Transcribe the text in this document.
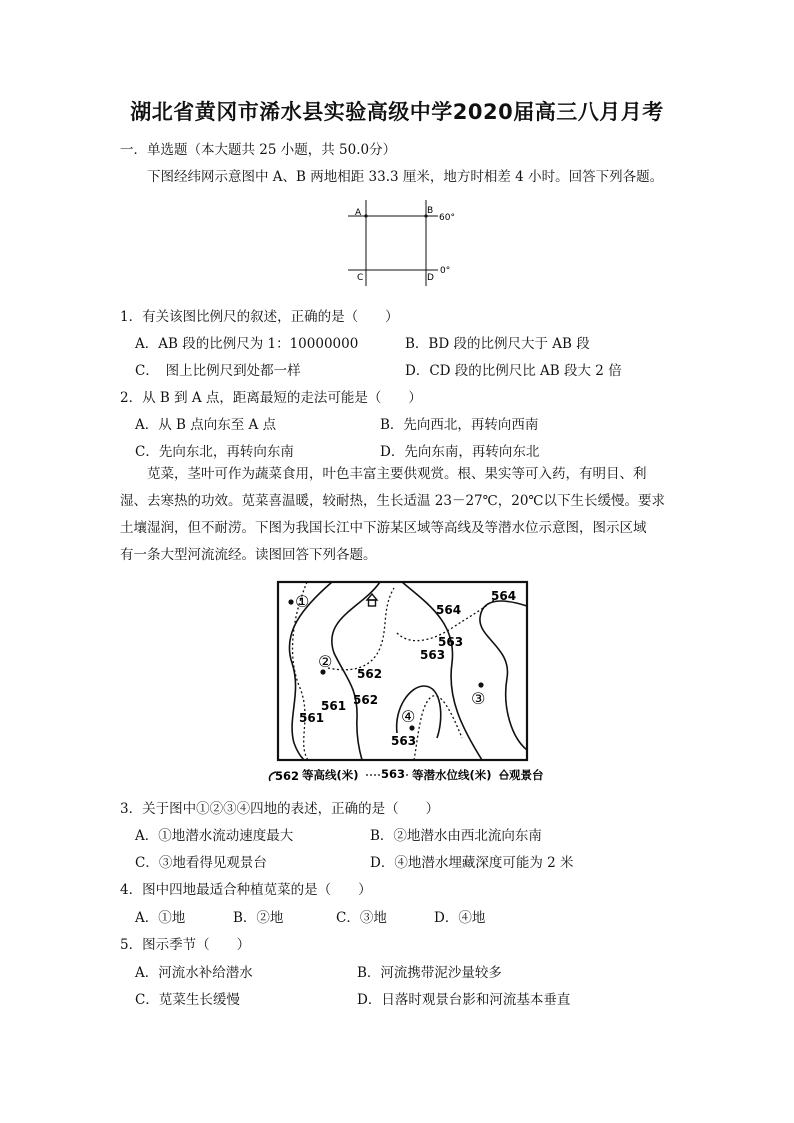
湖北省黄冈市浠水县实验高级中学2020届高三八月月考
一．单选题（本大题共 25 小题，共 50.0分）
下图经纬网示意图中 A、B 两地相距 33.3 厘米，地方时相差 4 小时。回答下列各题。
A	B
C	D
60°
0°
1．有关该图比例尺的叙述，正确的是（　　）
A．AB 段的比例尺为 1：10000000	B．BD 段的比例尺大于 AB 段
C．　图上比例尺到处都一样	D．CD 段的比例尺比 AB 段大 2 倍
2．从 B 到 A 点，距离最短的走法可能是（　　）
A．从 B 点向东至 A 点	B．先向西北，再转向西南
C．先向东北，再转向东南	D．先向东南，再转向东北
苋菜，茎叶可作为蔬菜食用，叶色丰富主要供观赏。根、果实等可入药，有明目、利
湿、去寒热的功效。苋菜喜温暖，较耐热，生长适温 23－27℃，20℃以下生长缓慢。要求
土壤湿润，但不耐涝。下图为我国长江中下游某区域等高线及等潜水位示意图，图示区域
有一条大型河流流经。读图回答下列各题。
564
564
563
563
562
562
561
561
563
①
②
③
④
562 等高线(米) 563 等潜水位线(米) 观景台
3．关于图中①②③④四地的表述，正确的是（　　）
A．①地潜水流动速度最大	B．②地潜水由西北流向东南
C．③地看得见观景台	D．④地潜水埋藏深度可能为 2 米
4．图中四地最适合种植苋菜的是（　　）
A．①地	B．②地	C．③地	D．④地
5．图示季节（　　）
A．河流水补给潜水	B．河流携带泥沙量较多
C．苋菜生长缓慢	D．日落时观景台影和河流基本垂直
